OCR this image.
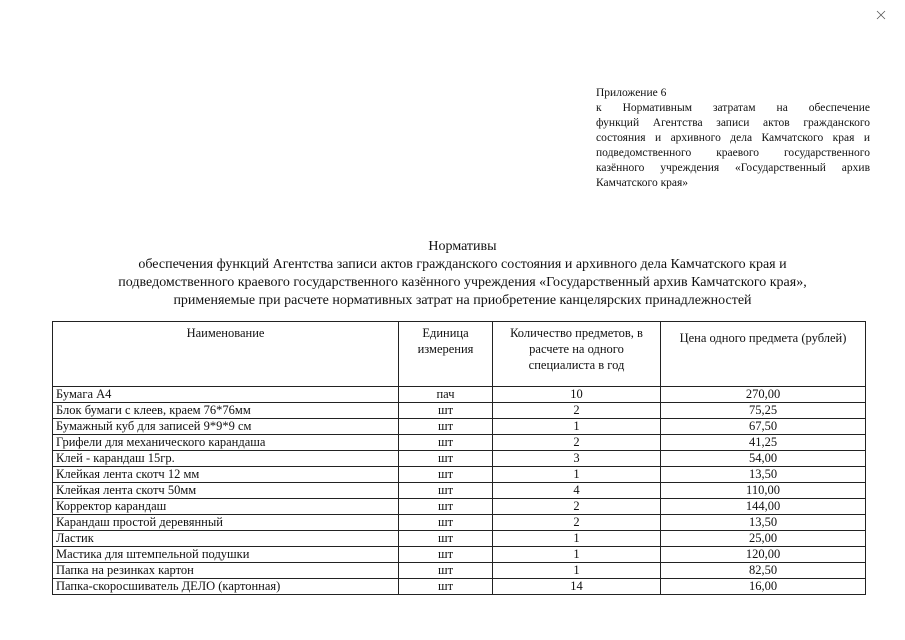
Приложение 6
к Нормативным затратам на обеспечение
функций Агентства записи актов гражданского
состояния и архивного дела Камчатского края и
подведомственного краевого государственного
казённого учреждения «Государственный архив
Камчатского края»
Нормативы
обеспечения функций Агентства записи актов гражданского состояния и архивного дела Камчатского края и
подведомственного краевого государственного казённого учреждения «Государственный архив Камчатского края»,
применяемые при расчете нормативных затрат на приобретение канцелярских принадлежностей
Наименование	Единица измерения	Количество предметов, в расчете на одного специалиста в год	Цена одного предмета (рублей)
Бумага А4	пач	10	270,00
Блок бумаги с клеев, краем 76*76мм	шт	2	75,25
Бумажный куб для записей 9*9*9 см	шт	1	67,50
Грифели для механического карандаша	шт	2	41,25
Клей - карандаш 15гр.	шт	3	54,00
Клейкая лента скотч 12 мм	шт	1	13,50
Клейкая лента скотч 50мм	шт	4	110,00
Корректор карандаш	шт	2	144,00
Карандаш простой деревянный	шт	2	13,50
Ластик	шт	1	25,00
Мастика для штемпельной подушки	шт	1	120,00
Папка на резинках картон	шт	1	82,50
Папка-скоросшиватель ДЕЛО (картонная)	шт	14	16,00
